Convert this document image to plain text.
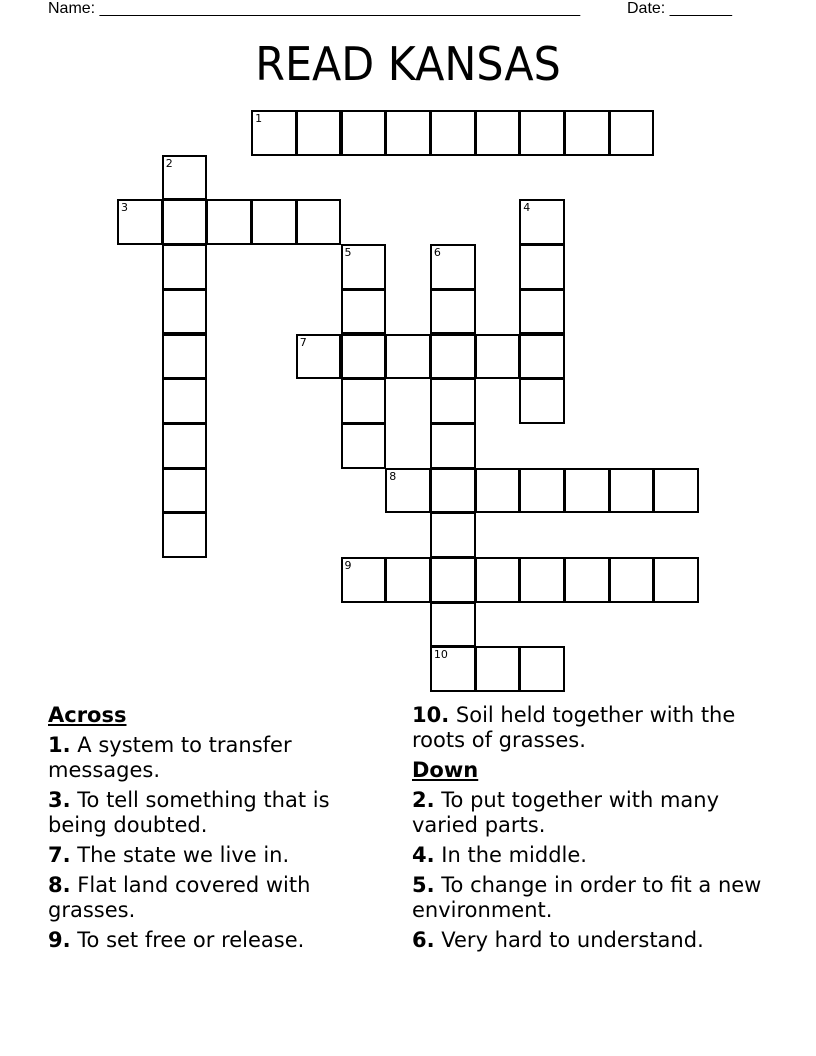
Name: ______________________________________________________	Date: _______
READ KANSAS
1
2
3	4
5	6
10
7
8
9
Across
1. A system to transfer messages.
3. To tell something that is being doubted.
7. The state we live in.
8. Flat land covered with grasses.
9. To set free or release.
10. Soil held together with the roots of grasses.
Down
2. To put together with many varied parts.
4. In the middle.
5. To change in order to fit a new environment.
6. Very hard to understand.
